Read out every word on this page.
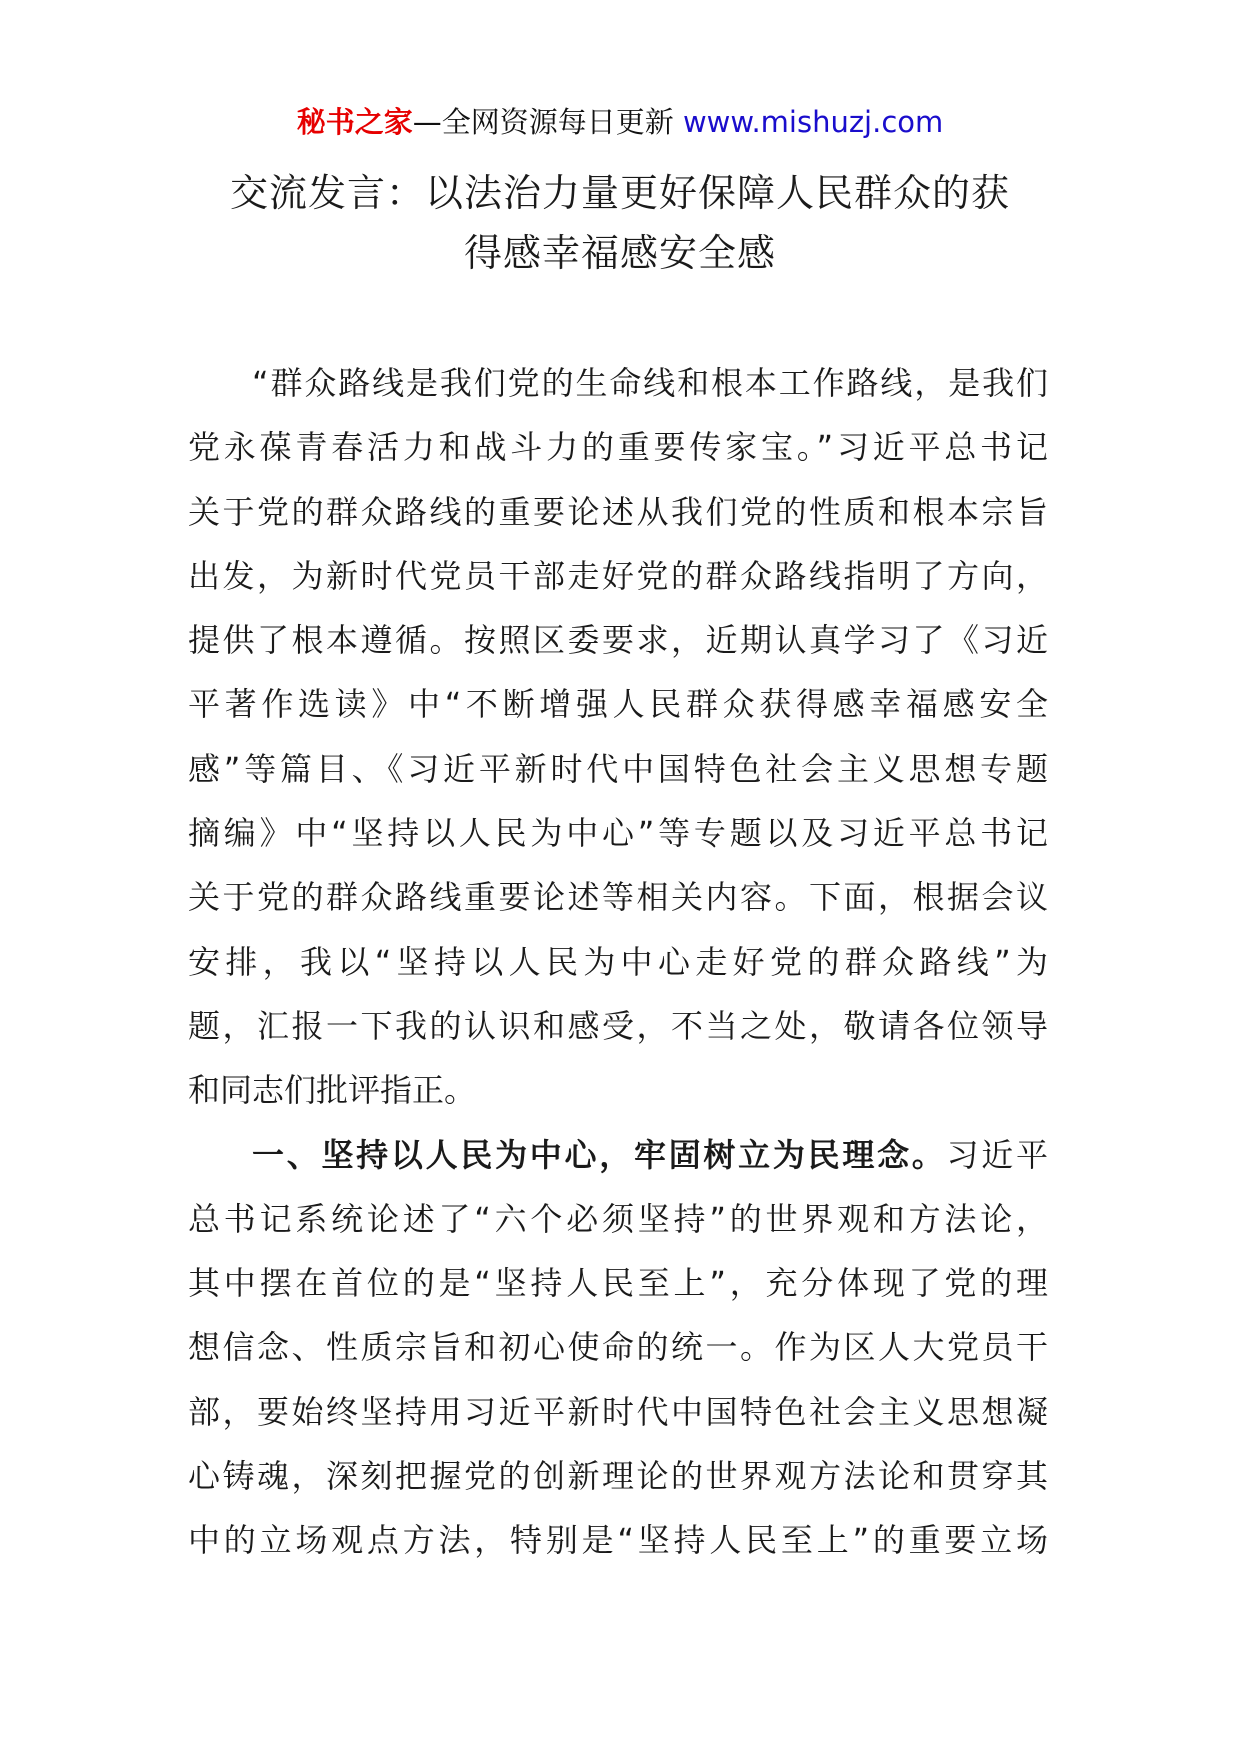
秘书之家—全网资源每日更新 www.mishuzj.com
交流发言：以法治力量更好保障人民群众的获
得感幸福感安全感
“群众路线是我们党的生命线和根本工作路线，是我们
党永葆青春活力和战斗力的重要传家宝。”习近平总书记
关于党的群众路线的重要论述从我们党的性质和根本宗旨
出发，为新时代党员干部走好党的群众路线指明了方向，
提供了根本遵循。按照区委要求，近期认真学习了《习近
平著作选读》中“不断增强人民群众获得感幸福感安全
感”等篇目、《习近平新时代中国特色社会主义思想专题
摘编》中“坚持以人民为中心”等专题以及习近平总书记
关于党的群众路线重要论述等相关内容。下面，根据会议
安排，我以“坚持以人民为中心走好党的群众路线”为
题，汇报一下我的认识和感受，不当之处，敬请各位领导
和同志们批评指正。
一、坚持以人民为中心，牢固树立为民理念。习近平
总书记系统论述了“六个必须坚持”的世界观和方法论，
其中摆在首位的是“坚持人民至上”，充分体现了党的理
想信念、性质宗旨和初心使命的统一。作为区人大党员干
部，要始终坚持用习近平新时代中国特色社会主义思想凝
心铸魂，深刻把握党的创新理论的世界观方法论和贯穿其
中的立场观点方法，特别是“坚持人民至上”的重要立场
